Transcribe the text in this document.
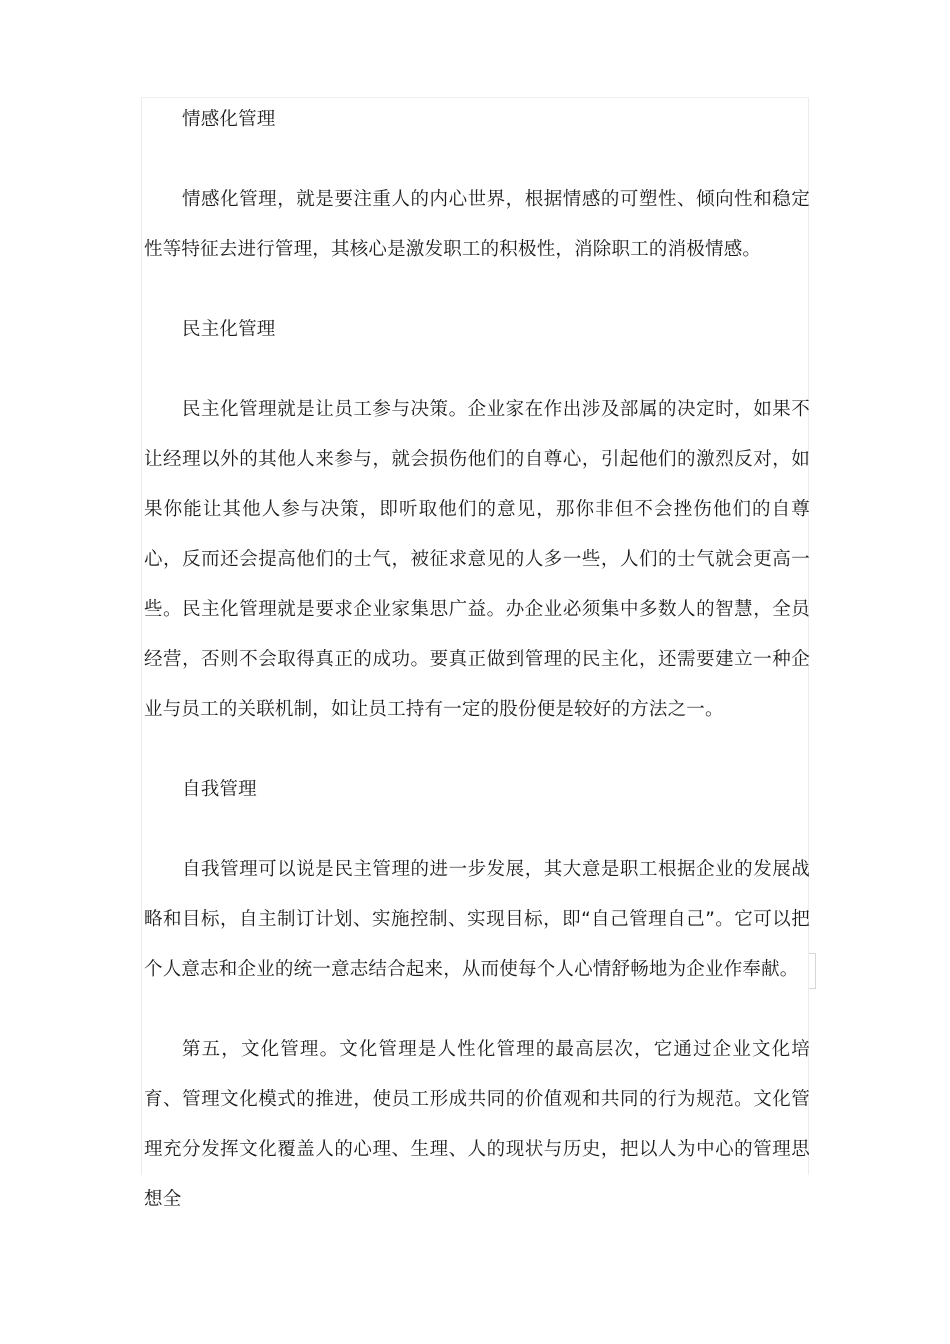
情感化管理

情感化管理，就是要注重人的内心世界，根据情感的可塑性、倾向性和稳定性等特征去进行管理，其核心是激发职工的积极性，消除职工的消极情感。

民主化管理

民主化管理就是让员工参与决策。企业家在作出涉及部属的决定时，如果不让经理以外的其他人来参与，就会损伤他们的自尊心，引起他们的激烈反对，如果你能让其他人参与决策，即听取他们的意见，那你非但不会挫伤他们的自尊心，反而还会提高他们的士气，被征求意见的人多一些，人们的士气就会更高一些。民主化管理就是要求企业家集思广益。办企业必须集中多数人的智慧，全员经营，否则不会取得真正的成功。要真正做到管理的民主化，还需要建立一种企业与员工的关联机制，如让员工持有一定的股份便是较好的方法之一。

自我管理

自我管理可以说是民主管理的进一步发展，其大意是职工根据企业的发展战略和目标，自主制订计划、实施控制、实现目标，即“自己管理自己”。它可以把个人意志和企业的统一意志结合起来，从而使每个人心情舒畅地为企业作奉献。

第五，文化管理。文化管理是人性化管理的最高层次，它通过企业文化培育、管理文化模式的推进，使员工形成共同的价值观和共同的行为规范。文化管理充分发挥文化覆盖人的心理、生理、人的现状与历史，把以人为中心的管理思想全
